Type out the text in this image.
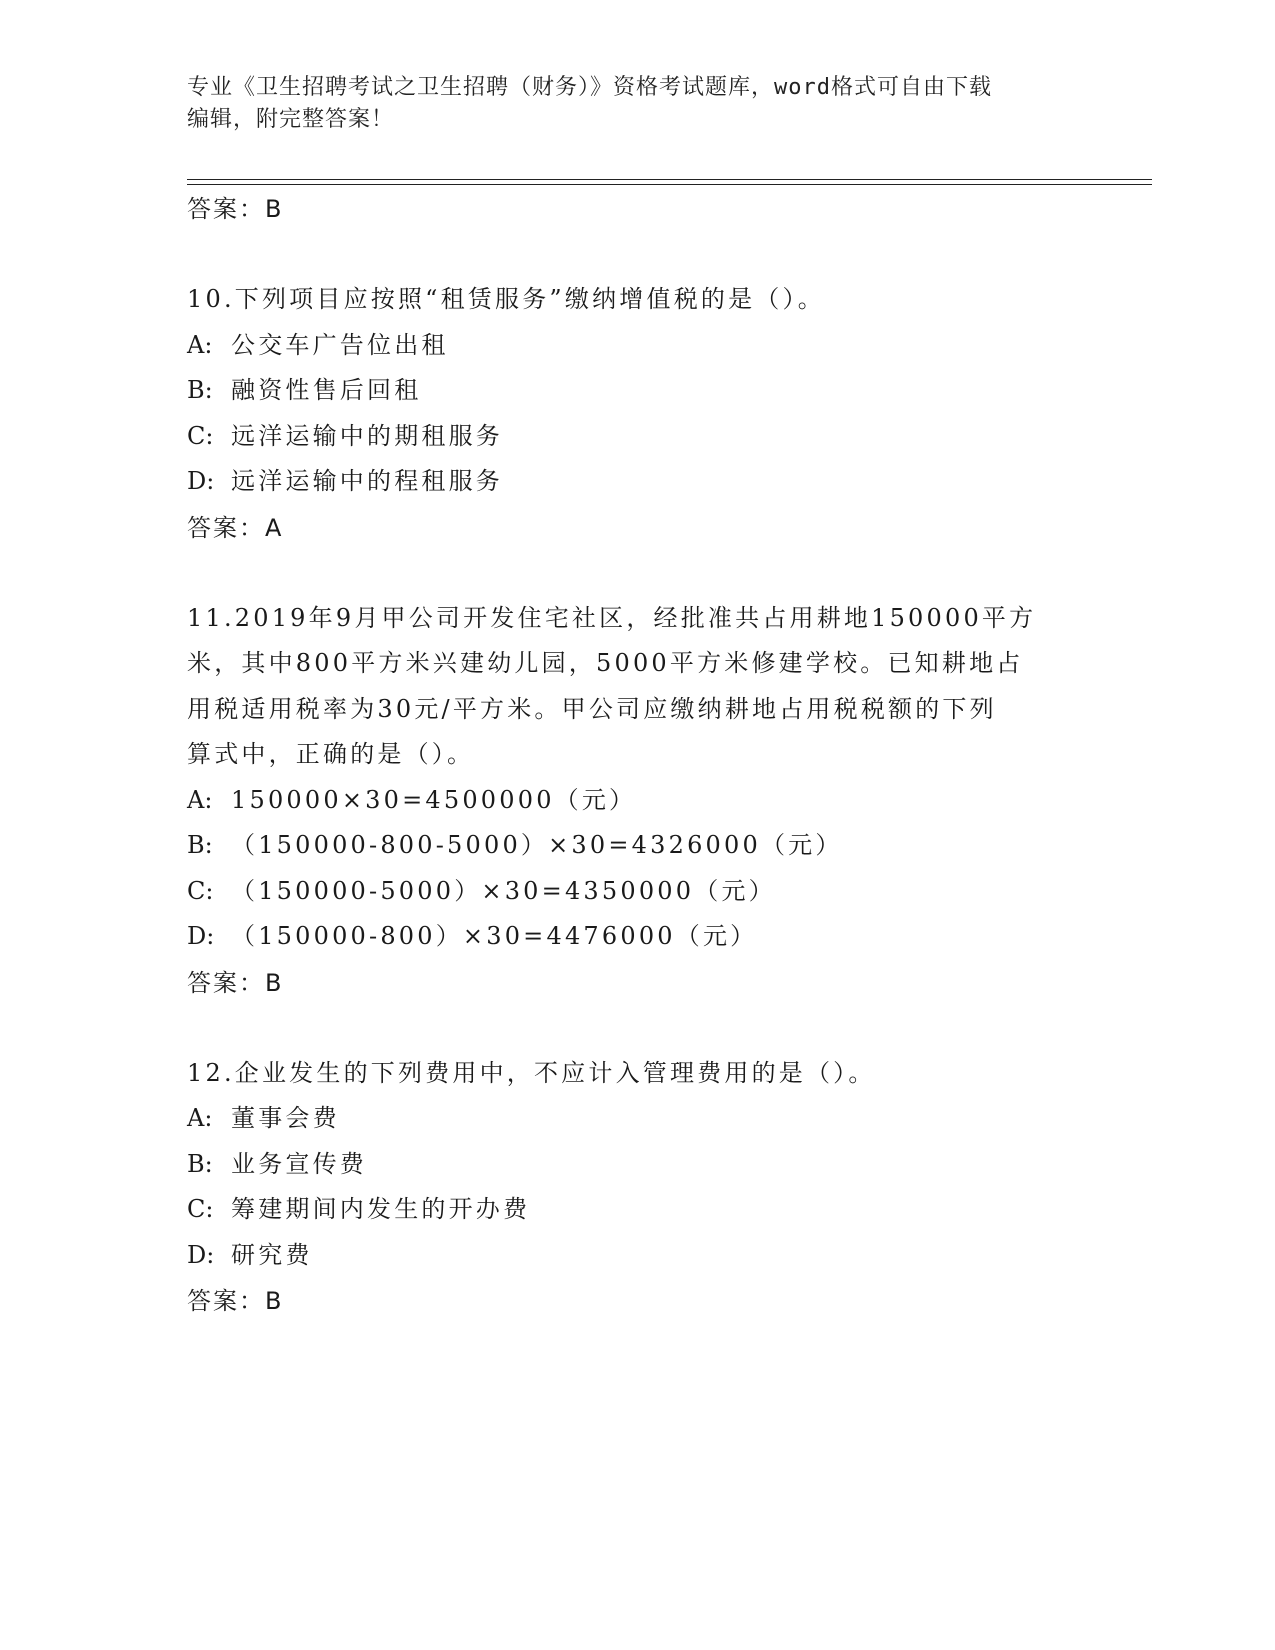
专业《卫生招聘考试之卫生招聘（财务）》资格考试题库，word格式可自由下载
编辑，附完整答案！
答案：B
10.下列项目应按照“租赁服务”缴纳增值税的是（）。
A: 公交车广告位出租
B: 融资性售后回租
C: 远洋运输中的期租服务
D: 远洋运输中的程租服务
答案：A
11.2019年9月甲公司开发住宅社区，经批准共占用耕地150000平方
米，其中800平方米兴建幼儿园，5000平方米修建学校。已知耕地占
用税适用税率为30元/平方米。甲公司应缴纳耕地占用税税额的下列
算式中，正确的是（）。
A: 150000×30=4500000（元）
B: （150000-800-5000）×30=4326000（元）
C: （150000-5000）×30=4350000（元）
D: （150000-800）×30=4476000（元）
答案：B
12.企业发生的下列费用中，不应计入管理费用的是（）。
A: 董事会费
B: 业务宣传费
C: 筹建期间内发生的开办费
D: 研究费
答案：B
